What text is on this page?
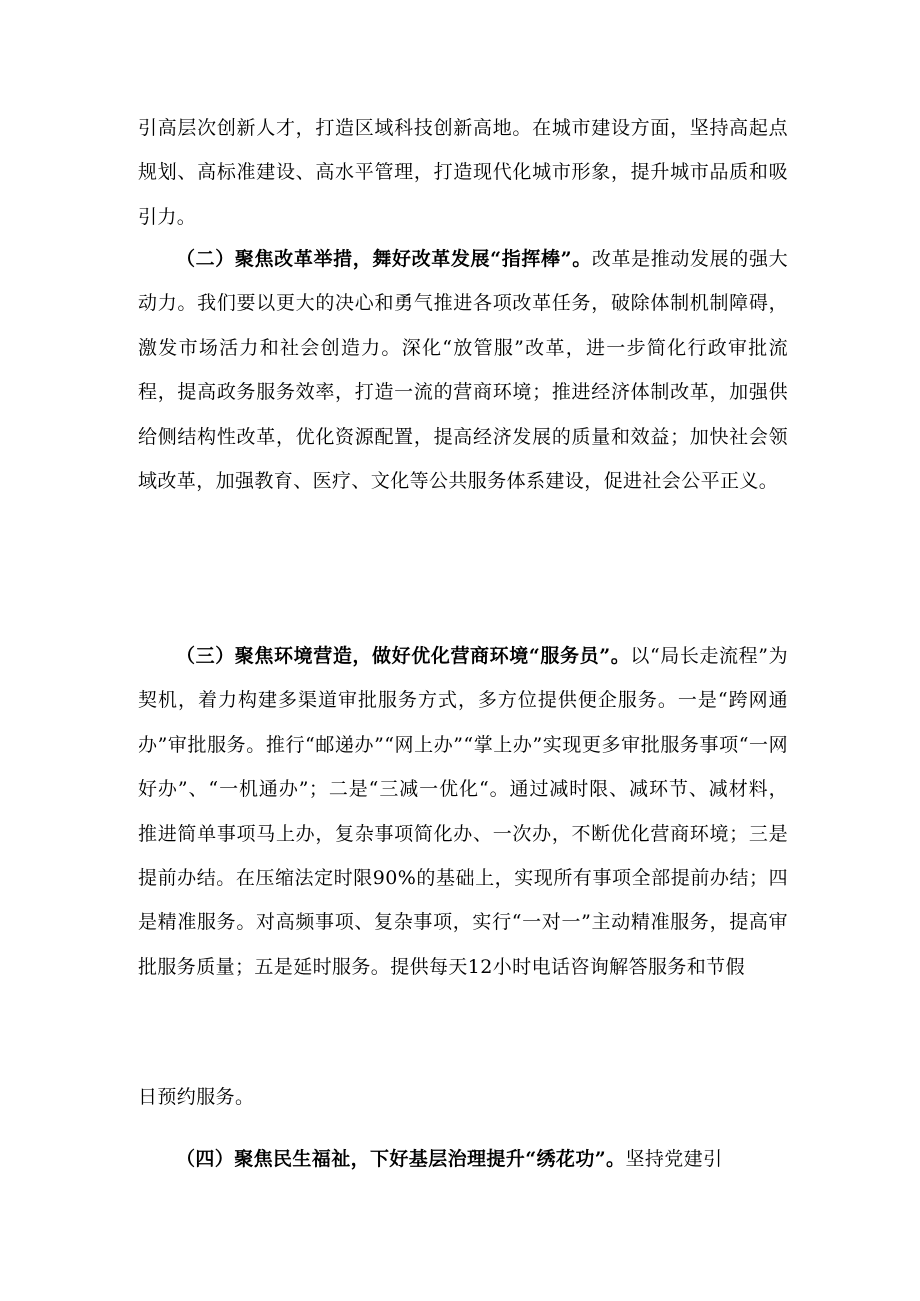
引高层次创新人才，打造区域科技创新高地。在城市建设方面，坚持高起点规划、高标准建设、高水平管理，打造现代化城市形象，提升城市品质和吸引力。

（二）聚焦改革举措，舞好改革发展“指挥棒”。改革是推动发展的强大动力。我们要以更大的决心和勇气推进各项改革任务，破除体制机制障碍，激发市场活力和社会创造力。深化“放管服”改革，进一步简化行政审批流程，提高政务服务效率，打造一流的营商环境；推进经济体制改革，加强供给侧结构性改革，优化资源配置，提高经济发展的质量和效益；加快社会领域改革，加强教育、医疗、文化等公共服务体系建设，促进社会公平正义。

（三）聚焦环境营造，做好优化营商环境“服务员”。以“局长走流程”为契机，着力构建多渠道审批服务方式，多方位提供便企服务。一是“跨网通办”审批服务。推行“邮递办”“网上办”“掌上办”实现更多审批服务事项“一网好办”、“一机通办”；二是“三减一优化“。通过减时限、减环节、减材料，推进简单事项马上办，复杂事项简化办、一次办，不断优化营商环境；三是提前办结。在压缩法定时限90%的基础上，实现所有事项全部提前办结；四是精准服务。对高频事项、复杂事项，实行“一对一”主动精准服务，提高审批服务质量；五是延时服务。提供每天12小时电话咨询解答服务和节假

日预约服务。

（四）聚焦民生福祉，下好基层治理提升“绣花功”。坚持党建引
